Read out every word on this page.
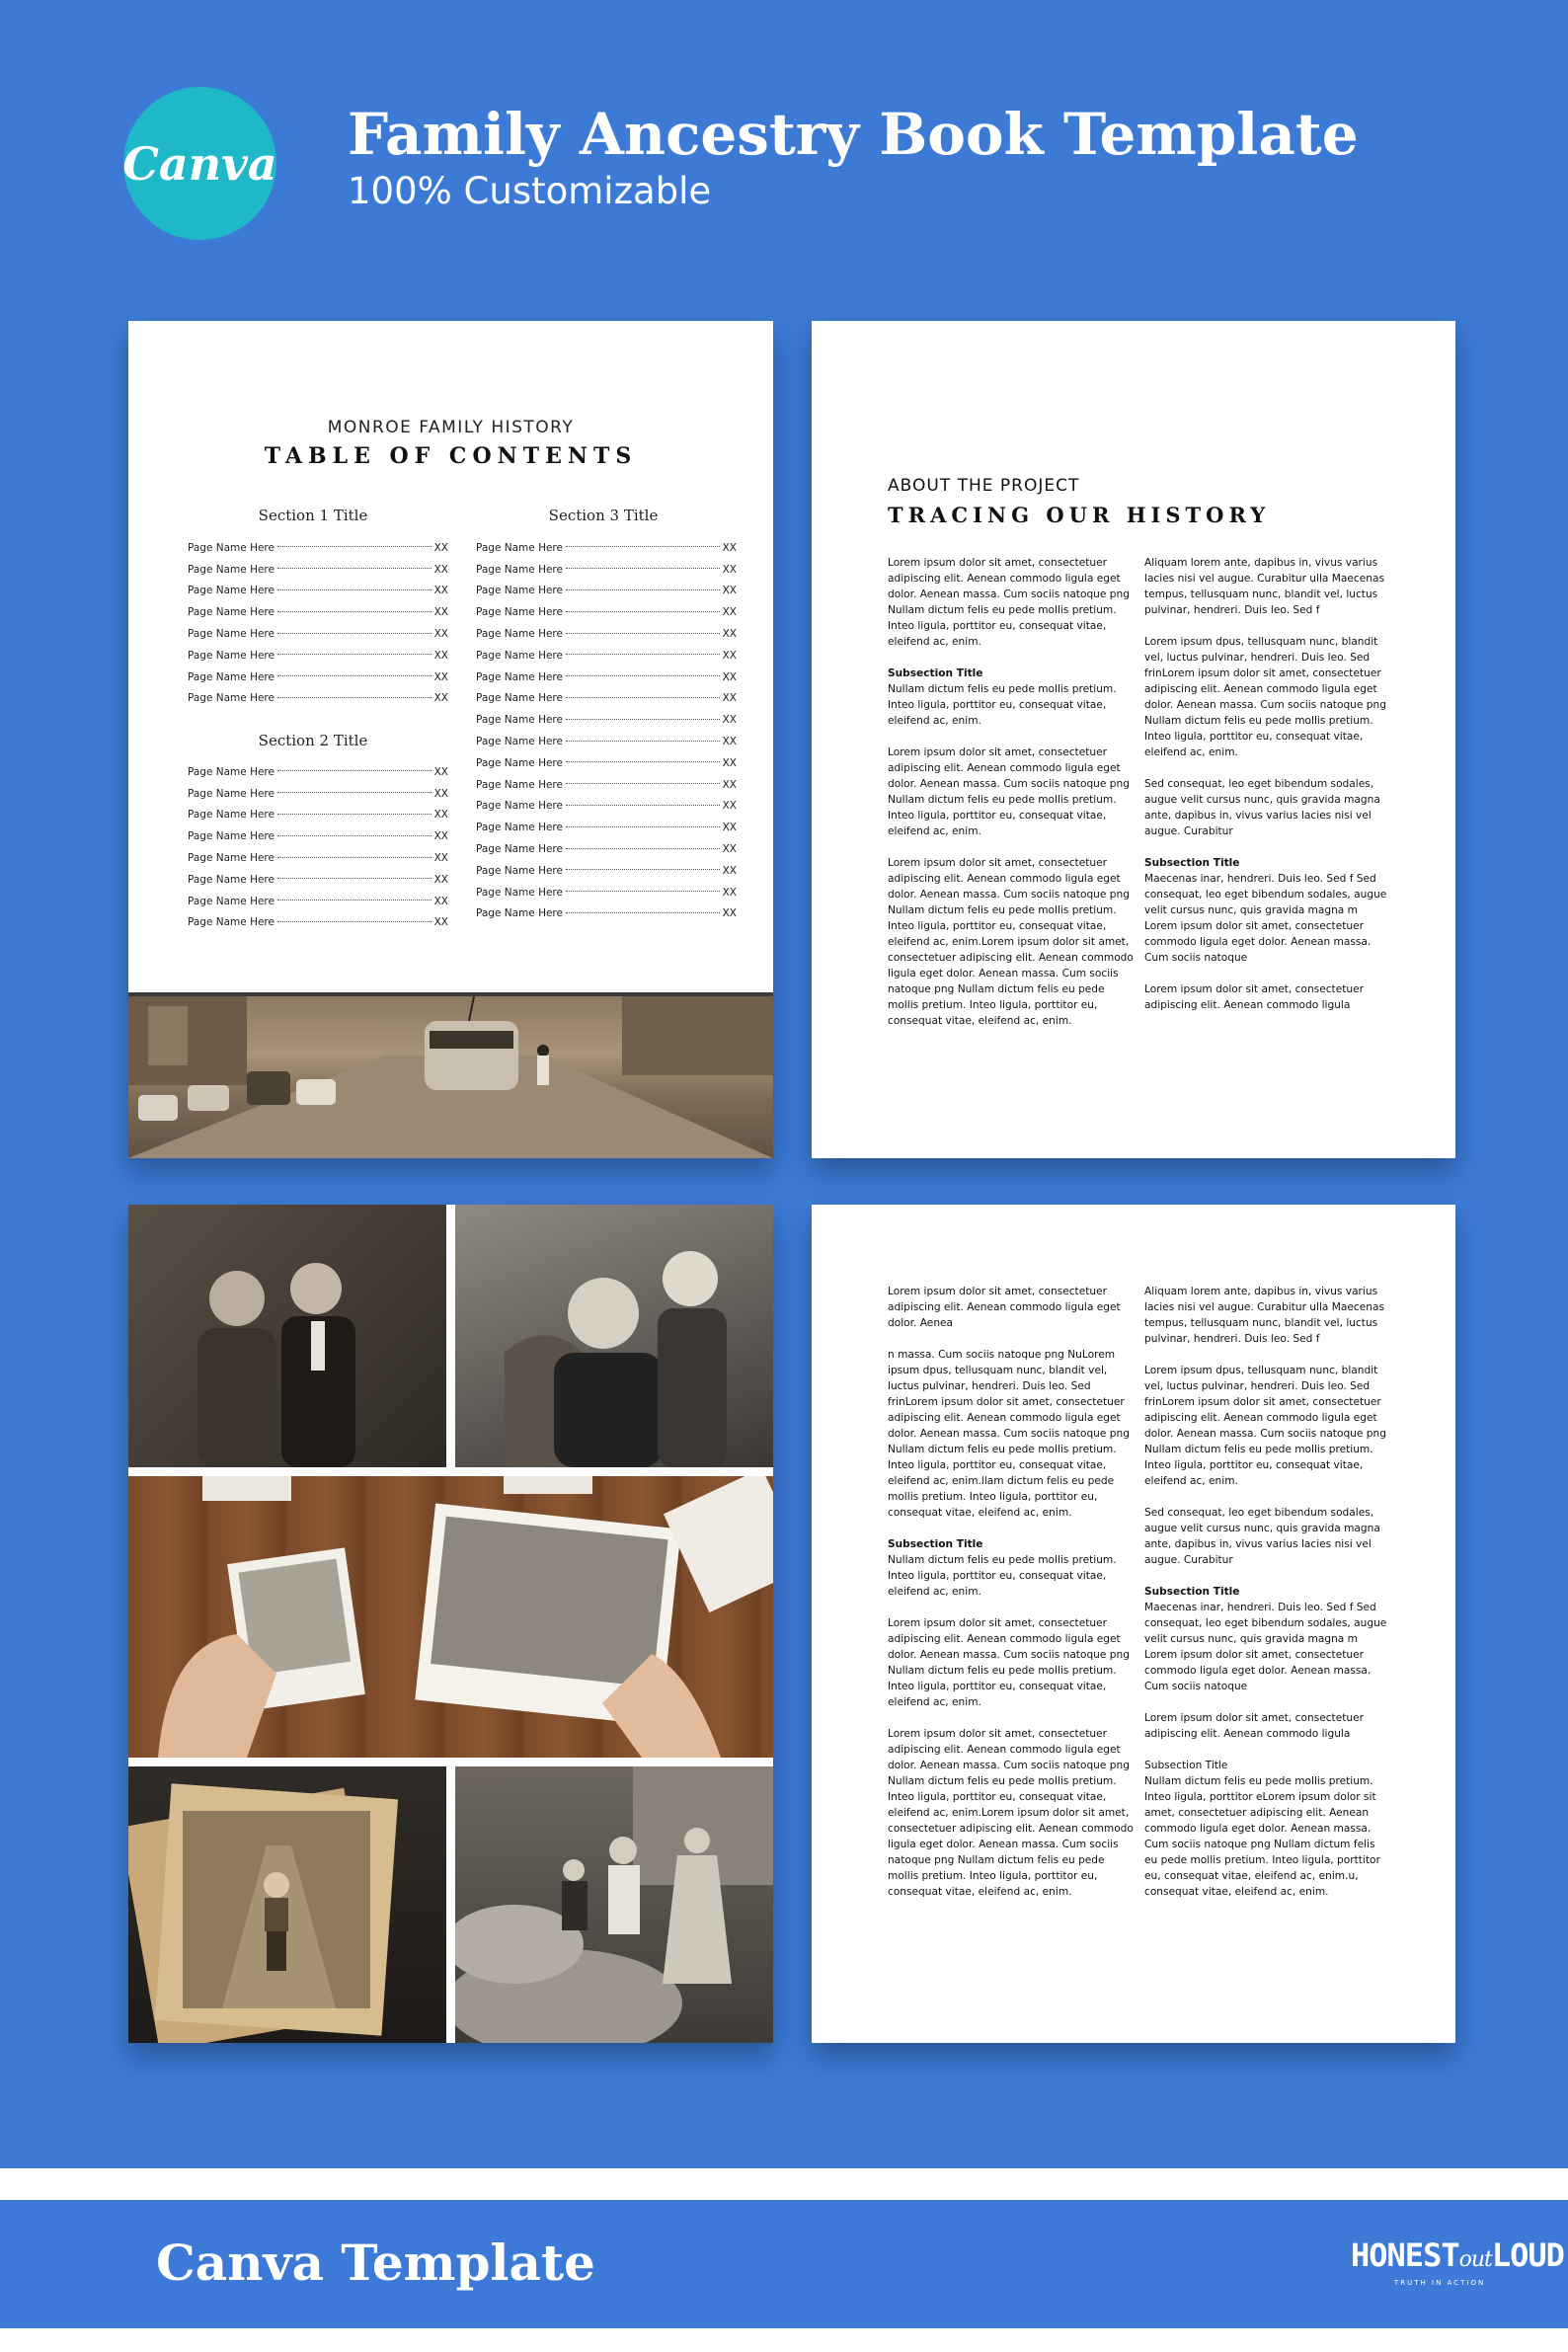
Canva Family Ancestry Book Template
100% Customizable
MONROE FAMILY HISTORY
TABLE OF CONTENTS
Section 1 Title
Page Name Here	XX
Page Name Here	XX
Page Name Here	XX
Page Name Here	XX
Page Name Here	XX
Page Name Here	XX
Page Name Here	XX
Page Name Here	XX
Section 2 Title
Page Name Here	XX
Page Name Here	XX
Page Name Here	XX
Page Name Here	XX
Page Name Here	XX
Page Name Here	XX
Page Name Here	XX
Page Name Here	XX
Section 3 Title
Page Name Here	XX
Page Name Here	XX
Page Name Here	XX
Page Name Here	XX
Page Name Here	XX
Page Name Here	XX
Page Name Here	XX
Page Name Here	XX
Page Name Here	XX
Page Name Here	XX
Page Name Here	XX
Page Name Here	XX
Page Name Here	XX
Page Name Here	XX
Page Name Here	XX
Page Name Here	XX
Page Name Here	XX
Page Name Here	XX
ABOUT THE PROJECT
TRACING OUR HISTORY

Lorem ipsum dolor sit amet, consectetuer adipiscing elit. Aenean commodo ligula eget dolor. Aenean massa. Cum sociis natoque png Nullam dictum felis eu pede mollis pretium. Inteo ligula, porttitor eu, consequat vitae, eleifend ac, enim.

Subsection Title
Nullam dictum felis eu pede mollis pretium. Inteo ligula, porttitor eu, consequat vitae, eleifend ac, enim.

Lorem ipsum dolor sit amet, consectetuer adipiscing elit. Aenean commodo ligula eget dolor. Aenean massa. Cum sociis natoque png Nullam dictum felis eu pede mollis pretium. Inteo ligula, porttitor eu, consequat vitae, eleifend ac, enim.

Lorem ipsum dolor sit amet, consectetuer adipiscing elit. Aenean commodo ligula eget dolor. Aenean massa. Cum sociis natoque png Nullam dictum felis eu pede mollis pretium. Inteo ligula, porttitor eu, consequat vitae, eleifend ac, enim.Lorem ipsum dolor sit amet, consectetuer adipiscing elit. Aenean commodo ligula eget dolor. Aenean massa. Cum sociis natoque png Nullam dictum felis eu pede mollis pretium. Inteo ligula, porttitor eu, consequat vitae, eleifend ac, enim.

Aliquam lorem ante, dapibus in, vivus varius lacies nisi vel augue. Curabitur ulla Maecenas tempus, tellusquam nunc, blandit vel, luctus pulvinar, hendreri. Duis leo. Sed f

Lorem ipsum dpus, tellusquam nunc, blandit vel, luctus pulvinar, hendreri. Duis leo. Sed frinLorem ipsum dolor sit amet, consectetuer adipiscing elit. Aenean commodo ligula eget dolor. Aenean massa. Cum sociis natoque png Nullam dictum felis eu pede mollis pretium. Inteo ligula, porttitor eu, consequat vitae, eleifend ac, enim.

Sed consequat, leo eget bibendum sodales, augue velit cursus nunc, quis gravida magna ante, dapibus in, vivus varius lacies nisi vel augue. Curabitur

Subsection Title
Maecenas inar, hendreri. Duis leo. Sed f Sed consequat, leo eget bibendum sodales, augue velit cursus nunc, quis gravida magna m Lorem ipsum dolor sit amet, consectetuer commodo ligula eget dolor. Aenean massa. Cum sociis natoque

Lorem ipsum dolor sit amet, consectetuer adipiscing elit. Aenean commodo ligula

Lorem ipsum dolor sit amet, consectetuer adipiscing elit. Aenean commodo ligula eget dolor. Aenea

n massa. Cum sociis natoque png NuLorem ipsum dpus, tellusquam nunc, blandit vel, luctus pulvinar, hendreri. Duis leo. Sed frinLorem ipsum dolor sit amet, consectetuer adipiscing elit. Aenean commodo ligula eget dolor. Aenean massa. Cum sociis natoque png Nullam dictum felis eu pede mollis pretium. Inteo ligula, porttitor eu, consequat vitae, eleifend ac, enim.llam dictum felis eu pede mollis pretium. Inteo ligula, porttitor eu, consequat vitae, eleifend ac, enim.

Subsection Title
Nullam dictum felis eu pede mollis pretium. Inteo ligula, porttitor eu, consequat vitae, eleifend ac, enim.

Lorem ipsum dolor sit amet, consectetuer adipiscing elit. Aenean commodo ligula eget dolor. Aenean massa. Cum sociis natoque png Nullam dictum felis eu pede mollis pretium. Inteo ligula, porttitor eu, consequat vitae, eleifend ac, enim.

Lorem ipsum dolor sit amet, consectetuer adipiscing elit. Aenean commodo ligula eget dolor. Aenean massa. Cum sociis natoque png Nullam dictum felis eu pede mollis pretium. Inteo ligula, porttitor eu, consequat vitae, eleifend ac, enim.Lorem ipsum dolor sit amet, consectetuer adipiscing elit. Aenean commodo ligula eget dolor. Aenean massa. Cum sociis natoque png Nullam dictum felis eu pede mollis pretium. Inteo ligula, porttitor eu, consequat vitae, eleifend ac, enim.

Aliquam lorem ante, dapibus in, vivus varius lacies nisi vel augue. Curabitur ulla Maecenas tempus, tellusquam nunc, blandit vel, luctus pulvinar, hendreri. Duis leo. Sed f

Lorem ipsum dpus, tellusquam nunc, blandit vel, luctus pulvinar, hendreri. Duis leo. Sed frinLorem ipsum dolor sit amet, consectetuer adipiscing elit. Aenean commodo ligula eget dolor. Aenean massa. Cum sociis natoque png Nullam dictum felis eu pede mollis pretium. Inteo ligula, porttitor eu, consequat vitae, eleifend ac, enim.

Sed consequat, leo eget bibendum sodales, augue velit cursus nunc, quis gravida magna ante, dapibus in, vivus varius lacies nisi vel augue. Curabitur

Subsection Title
Maecenas inar, hendreri. Duis leo. Sed f Sed consequat, leo eget bibendum sodales, augue velit cursus nunc, quis gravida magna m Lorem ipsum dolor sit amet, consectetuer commodo ligula eget dolor. Aenean massa. Cum sociis natoque

Lorem ipsum dolor sit amet, consectetuer adipiscing elit. Aenean commodo ligula

Subsection Title
Nullam dictum felis eu pede mollis pretium. Inteo ligula, porttitor eLorem ipsum dolor sit amet, consectetuer adipiscing elit. Aenean commodo ligula eget dolor. Aenean massa. Cum sociis natoque png Nullam dictum felis eu pede mollis pretium. Inteo ligula, porttitor eu, consequat vitae, eleifend ac, enim.u, consequat vitae, eleifend ac, enim.

Canva Template	HONESToutLOUD
TRUTH IN ACTION
